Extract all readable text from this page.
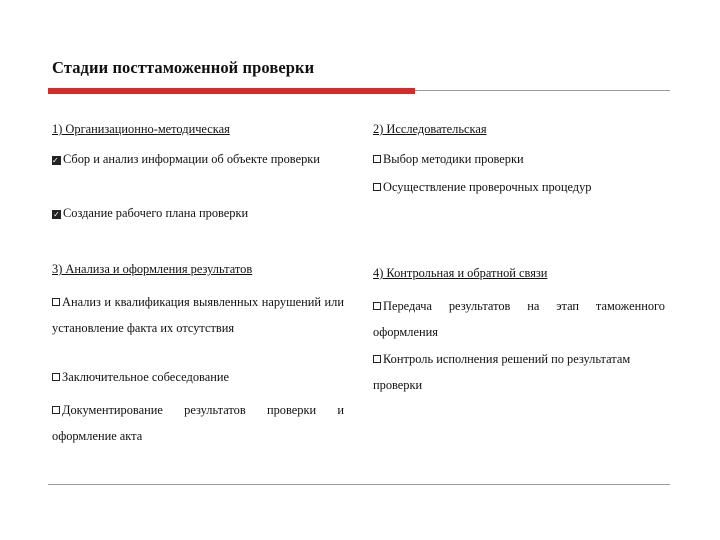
Стадии посттаможенной проверки
1) Организационно-методическая
✓ Сбор и анализ информации об объекте проверки
✓ Создание рабочего плана проверки
2) Исследовательская
Выбор методики проверки
Осуществление проверочных процедур
3) Анализа и оформления результатов
Анализ и квалификация выявленных нарушений или установление факта их отсутствия
Заключительное собеседование
Документирование результатов проверки и оформление акта
4) Контрольная и обратной связи
Передача результатов на этап таможенного оформления
Контроль исполнения решений по результатам проверки
